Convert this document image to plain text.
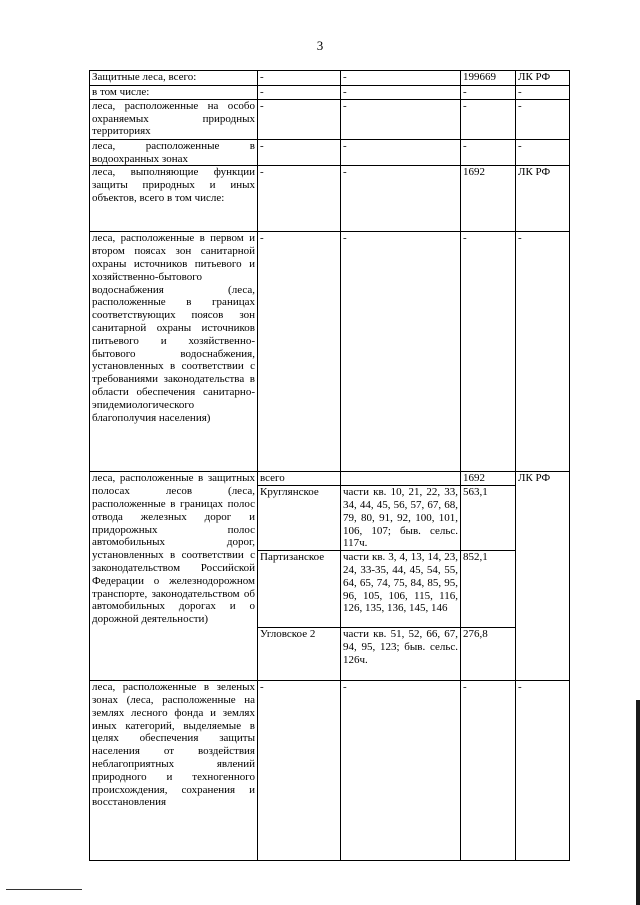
3
Защитные леса, всего:	-	-	199669	ЛК РФ
в том числе:	-	-	-	-
леса, расположенные на особо охраняемых природных территориях	-	-	-	-
леса, расположенные в водоохранных зонах	-	-	-	-
леса, выполняющие функции защиты природных и иных объектов, всего в том числе:	-	-	1692	ЛК РФ
леса, расположенные в первом и втором поясах зон санитарной охраны источников питьевого и хозяйственно-бытового водоснабжения (леса, расположенные в границах соответствующих поясов зон санитарной охраны источников питьевого и хозяйственно-бытового водоснабжения, установленных в соответствии с требованиями законодательства в области обеспечения санитарно-эпидемиологического благополучия населения)	-	-	-	-
леса, расположенные в защитных полосах лесов (леса, расположенные в границах полос отвода железных дорог и придорожных полос автомобильных дорог, установленных в соответствии с законодательством Российской Федерации о железнодорожном транспорте, законодательством об автомобильных дорогах и о дорожной деятельности)	всего		1692	ЛК РФ
	Круглянское	части кв. 10, 21, 22, 33, 34, 44, 45, 56, 57, 67, 68, 79, 80, 91, 92, 100, 101, 106, 107; быв. сельс. 117ч.	563,1	
	Партизанское	части кв. 3, 4, 13, 14, 23, 24, 33-35, 44, 45, 54, 55, 64, 65, 74, 75, 84, 85, 95, 96, 105, 106, 115, 116, 126, 135, 136, 145, 146	852,1	
	Угловское 2	части кв. 51, 52, 66, 67, 94, 95, 123; быв. сельс. 126ч.	276,8	
леса, расположенные в зеленых зонах (леса, расположенные на землях лесного фонда и землях иных категорий, выделяемые в целях обеспечения защиты населения от воздействия неблагоприятных явлений природного и техногенного происхождения, сохранения и восстановления	-	-	-	-
